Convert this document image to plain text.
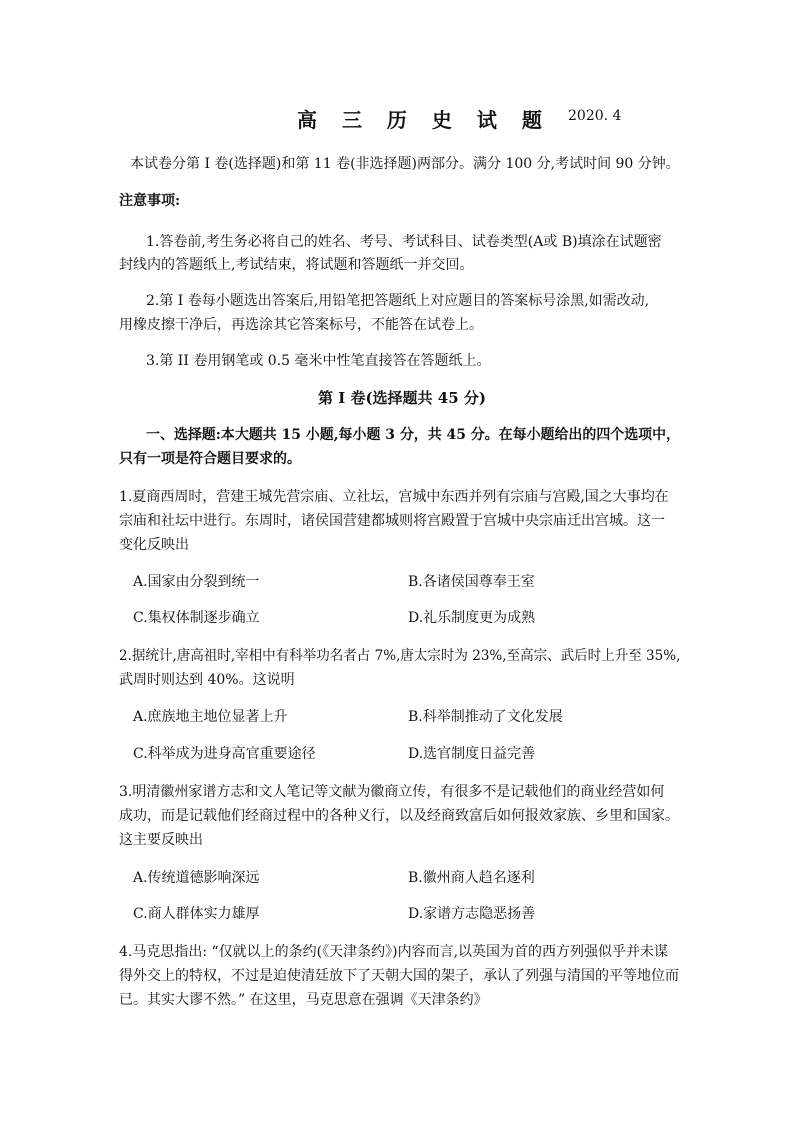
高 三 历 史 试 题 2020. 4
本试卷分第 I 卷(选择题)和第 11 卷(非选择题)两部分。满分 100 分,考试时间 90 分钟。
注意事项:
1.答卷前,考生务必将自己的姓名、考号、考试科目、试卷类型(A或 B)填涂在试题密
封线内的答题纸上,考试结束，将试题和答题纸一并交回。
2.第 I 卷每小题选出答案后,用铅笔把答题纸上对应题目的答案标号涂黑,如需改动,
用橡皮擦干净后，再选涂其它答案标号，不能答在试卷上。
3.第 II 卷用钢笔或 0.5 毫米中性笔直接答在答题纸上。
第 I 卷(选择题共 45 分)
一、选择题:本大题共 15 小题,每小题 3 分，共 45 分。在每小题给出的四个选项中，
只有一项是符合题目要求的。
1.夏商西周时，营建王城先营宗庙、立社坛，宫城中东西并列有宗庙与宫殿,国之大事均在
宗庙和社坛中进行。东周时，诸侯国营建都城则将宫殿置于宫城中央宗庙迁出宫城。这一
变化反映出
A.国家由分裂到统一	B.各诸侯国尊奉王室
C.集权体制逐步确立	D.礼乐制度更为成熟
2.据统计,唐高祖时,宰相中有科举功名者占 7%,唐太宗时为 23%,至高宗、武后时上升至 35%,
武周时则达到 40%。这说明
A.庶族地主地位显著上升	B.科举制推动了文化发展
C.科举成为进身高官重要途径	D.选官制度日益完善
3.明清徽州家谱方志和文人笔记等文献为徽商立传，有很多不是记载他们的商业经营如何
成功，而是记载他们经商过程中的各种义行，以及经商致富后如何报效家族、乡里和国家。
这主要反映出
A.传统道德影响深远	B.徽州商人趋名逐利
C.商人群体实力雄厚	D.家谱方志隐恶扬善
4.马克思指出: “仅就以上的条约(《天津条约》)内容而言,以英国为首的西方列强似乎并未谋
得外交上的特权，不过是迫使清廷放下了天朝大国的架子，承认了列强与清国的平等地位而
已。其实大谬不然。” 在这里，马克思意在强调《天津条约》
